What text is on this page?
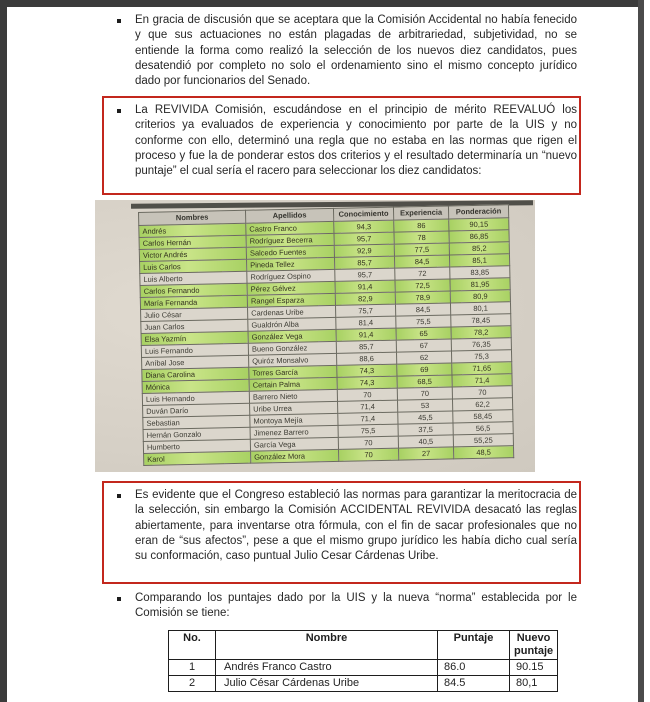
En gracia de discusión que se aceptara que la Comisión Accidental no había fenecido y que sus actuaciones no están plagadas de arbitrariedad, subjetividad, no se entiende la forma como realizó la selección de los nuevos diez candidatos, pues desatendió por completo no solo el ordenamiento sino el mismo concepto jurídico dado por funcionarios del Senado.
La REVIVIDA Comisión, escudándose en el principio de mérito REEVALUÓ los criterios ya evaluados de experiencia y conocimiento por parte de la UIS y no conforme con ello, determinó una regla que no estaba en las normas que rigen el proceso y fue la de ponderar estos dos criterios y el resultado determinaría un “nuevo puntaje” el cual sería el racero para seleccionar los diez candidatos:
Nombres	Apellidos	Conocimiento	Experiencia	Ponderación
Andrés	Castro Franco	94,3	86	90,15
Carlos Hernán	Rodríguez Becerra	95,7	78	86,85
Victor Andrés	Salcedo Fuentes	92,9	77,5	85,2
Luis Carlos	Pineda Tellez	85,7	84,5	85,1
Luis Alberto	Rodríguez Ospino	95,7	72	83,85
Carlos Fernando	Pérez Gélvez	91,4	72,5	81,95
María Fernanda	Rangel Esparza	82,9	78,9	80,9
Julio César	Cardenas Uribe	75,7	84,5	80,1
Juan Carlos	Gualdrón Alba	81,4	75,5	78,45
Elsa Yazmín	González Vega	91,4	65	78,2
Luis Fernando	Bueno González	85,7	67	76,35
Aníbal Jose	Quiróz Monsalvo	88,6	62	75,3
Diana Carolina	Torres García	74,3	69	71,65
Mónica	Certain Palma	74,3	68,5	71,4
Luis Hernando	Barrero Nieto	70	70	70
Duván Darío	Uribe Urrea	71,4	53	62,2
Sebastian	Montoya Mejía	71,4	45,5	58,45
Hernán Gonzalo	Jimenez Barrero	75,5	37,5	56,5
Humberto	García Vega	70	40,5	55,25
Karol	González Mora	70	27	48,5
Es evidente que el Congreso estableció las normas para garantizar la meritocracia de la selección, sin embargo la Comisión ACCIDENTAL REVIVIDA desacató las reglas abiertamente, para inventarse otra fórmula, con el fin de sacar profesionales que no eran de “sus afectos”, pese a que el mismo grupo jurídico les había dicho cual sería su conformación, caso puntual Julio Cesar Cárdenas Uribe.
Comparando los puntajes dado por la UIS y la nueva “norma” establecida por le Comisión se tiene:
No.	Nombre	Puntaje	Nuevo puntaje
1	Andrés Franco Castro	86.0	90.15
2	Julio César Cárdenas Uribe	84.5	80,1
